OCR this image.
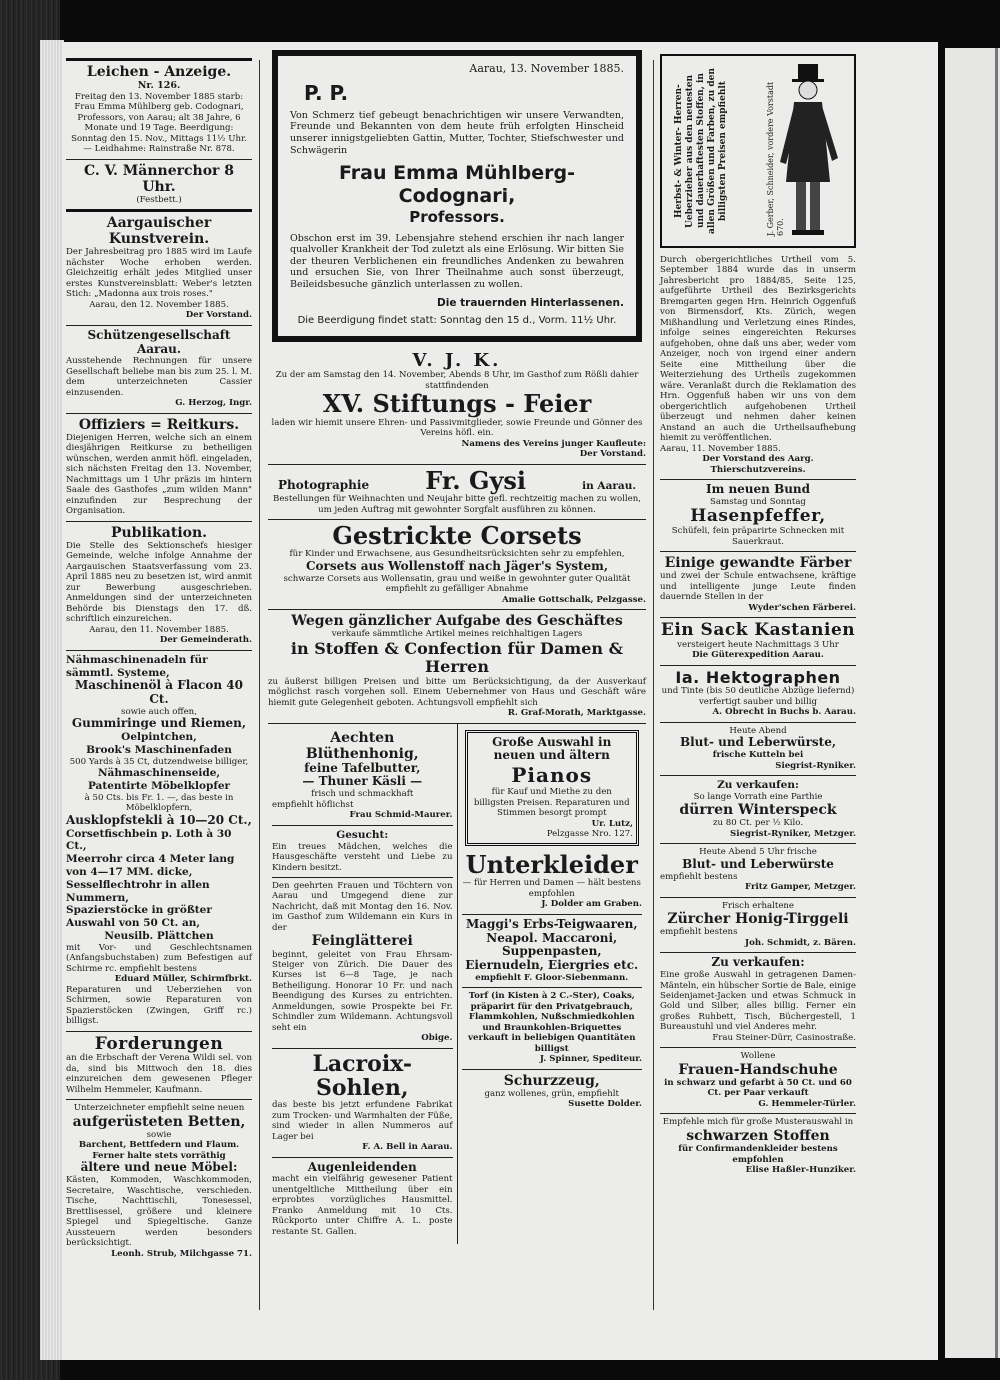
Leichen - Anzeige.
Nr. 126.
Freitag den 13. November 1885 starb: Frau Emma Mühlberg geb. Codognari, Professors, von Aarau; alt 38 Jahre, 6 Monate und 19 Tage. Beerdigung: Sonntag den 15. Nov., Mittags 11½ Uhr. — Leidhahme: Rainstraße Nr. 878.
C. V. Männerchor 8 Uhr.
(Festbett.)
Aargauischer Kunstverein.
Der Jahresbeitrag pro 1885 wird im Laufe nächster Woche erhoben werden. Gleichzeitig erhält jedes Mitglied unser erstes Kunstvereinsblatt: Weber's letzten Stich: „Madonna aux trois roses."
Aarau, den 12. November 1885.
Der Vorstand.
Schützengesellschaft Aarau.
Ausstehende Rechnungen für unsere Gesellschaft beliebe man bis zum 25. l. M. dem unterzeichneten Cassier einzusenden.
G. Herzog, Ingr.
Offiziers = Reitkurs.
Diejenigen Herren, welche sich an einem diesjährigen Reitkurse zu betheiligen wünschen, werden anmit höfl. eingeladen, sich nächsten Freitag den 13. November, Nachmittags um 1 Uhr präzis im hintern Saale des Gasthofes „zum wilden Mann" einzufinden zur Besprechung der Organisation.
Publikation.
Die Stelle des Sektionschefs hiesiger Gemeinde, welche infolge Annahme der Aargauischen Staatsverfassung vom 23. April 1885 neu zu besetzen ist, wird anmit zur Bewerbung ausgeschrieben. Anmeldungen sind der unterzeichneten Behörde bis Dienstags den 17. dß. schriftlich einzureichen.
Aarau, den 11. November 1885.
Der Gemeinderath.
Nähmaschinenadeln für sämmtl. Systeme,
Maschinenöl à Flacon 40 Ct.
sowie auch offen,
Gummiringe und Riemen,
Oelpintchen,
Brook's Maschinenfaden
500 Yards à 35 Ct, dutzendweise billiger,
Nähmaschinenseide,
Patentirte Möbelklopfer
à 50 Cts. bis Fr. 1. —, das beste in Möbelklopfern,
Ausklopfstekli à 10—20 Ct.,
Corsetfischbein p. Loth à 30 Ct.,
Meerrohr circa 4 Meter lang von 4—17 MM. dicke,
Sesselflechtrohr in allen Nummern,
Spazierstöcke in größter Auswahl von 50 Ct. an,
Neusilb. Plättchen
mit Vor- und Geschlechtsnamen (Anfangsbuchstaben) zum Befestigen auf Schirme rc. empfiehlt bestens
Eduard Müller, Schirmfbrkt.
Reparaturen und Ueberziehen von Schirmen, sowie Reparaturen von Spazierstöcken (Zwingen, Griff rc.) billigst.
Forderungen
an die Erbschaft der Verena Wildi sel. von da, sind bis Mittwoch den 18. dies einzureichen dem gewesenen Pfleger Wilhelm Hemmeler, Kaufmann.
Unterzeichneter empfiehlt seine neuen
aufgerüsteten Betten,
sowie
Barchent, Bettfedern und Flaum. Ferner halte stets vorräthig
ältere und neue Möbel:
Kästen, Kommoden, Waschkommoden, Secretaire, Waschtische, verschieden. Tische, Nachttischli, Tonesessel, Brettlisessel, größere und kleinere Spiegel und Spiegeltische. Ganze Aussteuern werden besonders berücksichtigt.
Leonh. Strub, Milchgasse 71.
Aarau, 13. November 1885.
P. P.
Von Schmerz tief gebeugt benachrichtigen wir unsere Verwandten, Freunde und Bekannten von dem heute früh erfolgten Hinscheid unserer innigstgeliebten Gattin, Mutter, Tochter, Stiefschwester und Schwägerin
Frau Emma Mühlberg-Codognari,
Professors.
Obschon erst im 39. Lebensjahre stehend erschien ihr nach langer qualvoller Krankheit der Tod zuletzt als eine Erlösung. Wir bitten Sie der theuren Verblichenen ein freundliches Andenken zu bewahren und ersuchen Sie, von Ihrer Theilnahme auch sonst überzeugt, Beileidsbesuche gänzlich unterlassen zu wollen.
Die trauernden Hinterlassenen.
Die Beerdigung findet statt: Sonntag den 15 d., Vorm. 11½ Uhr.
V. J. K.
Zu der am Samstag den 14. November, Abends 8 Uhr, im Gasthof zum Rößli dahier stattfindenden
XV. Stiftungs - Feier
laden wir hiemit unsere Ehren- und Passivmitglieder, sowie Freunde und Gönner des Vereins höfl. ein.
Namens des Vereins junger Kaufleute:
Der Vorstand.
Photographie Fr. Gysi	in Aarau.
Bestellungen für Weihnachten und Neujahr bitte gefl. rechtzeitig machen zu wollen, um jeden Auftrag mit gewohnter Sorgfalt ausführen zu können.
Gestrickte Corsets
für Kinder und Erwachsene, aus Gesundheitsrücksichten sehr zu empfehlen,
Corsets aus Wollenstoff nach Jäger's System,
schwarze Corsets aus Wollensatin, grau und weiße in gewohnter guter Qualität empfiehlt zu gefälliger Abnahme
Amalie Gottschalk, Pelzgasse.
Wegen gänzlicher Aufgabe des Geschäftes
verkaufe sämmtliche Artikel meines reichhaltigen Lagers
in Stoffen & Confection für Damen & Herren
zu äußerst billigen Preisen und bitte um Berücksichtigung, da der Ausverkauf möglichst rasch vorgehen soll. Einem Uebernehmer von Haus und Geschäft wäre hiemit gute Gelegenheit geboten. Achtungsvoll empfiehlt sich
R. Graf-Morath, Marktgasse.
Aechten Blüthenhonig,
feine Tafelbutter,
— Thuner Käsli —
frisch und schmackhaft
empfiehlt höflichst
Frau Schmid-Maurer.
Gesucht:
Ein treues Mädchen, welches die Hausgeschäfte versteht und Liebe zu Kindern besitzt.
Den geehrten Frauen und Töchtern von Aarau und Umgegend diene zur Nachricht, daß mit Montag den 16. Nov. im Gasthof zum Wildemann ein Kurs in der
Feinglätterei
beginnt, geleitet von Frau Ehrsam-Steiger von Zürich. Die Dauer des Kurses ist 6—8 Tage, je nach Betheiligung. Honorar 10 Fr. und nach Beendigung des Kurses zu entrichten. Anmeldungen, sowie Prospekte bei Fr. Schindler zum Wildemann. Achtungsvoll seht ein
Obige.
Lacroix-Sohlen,
das beste bis jetzt erfundene Fabrikat zum Trocken- und Warmhalten der Füße, sind wieder in allen Nummeros auf Lager bei
F. A. Bell in Aarau.
Augenleidenden
macht ein vielfährig gewesener Patient unentgeltliche Mittheilung über ein erprobtes vorzügliches Hausmittel. Franko Anmeldung mit 10 Cts. Rückporto unter Chiffre A. L. poste restante St. Gallen.
Große Auswahl in neuen und ältern
Pianos
für Kauf und Miethe zu den billigsten Preisen. Reparaturen und Stimmen besorgt prompt
Ur. Lutz,
Pelzgasse Nro. 127.
Unterkleider
— für Herren und Damen — hält bestens empfohlen
J. Dolder am Graben.
Maggi's Erbs-Teigwaaren,
Neapol. Maccaroni,
Suppenpasten,
Eiernudeln, Eiergries etc.
empfiehlt F. Gloor-Siebenmann.
Torf (in Kisten à 2 C.-Ster), Coaks, präparirt für den Privatgebrauch, Flammkohlen, Nußschmiedkohlen und Braunkohlen-Briquettes verkauft in beliebigen Quantitäten billigst
J. Spinner, Spediteur.
Schurzzeug,
ganz wollenes, grün, empfiehlt
Susette Dolder.
Herbst- & Winter- Herren-Ueberzieher aus den neuesten und dauerhaftesten Stoffen, in allen Größen und Farben, zu den billigsten Preisen empfiehlt	J. Gerber, Schneider, vordere Vorstadt 670.
Durch obergerichtliches Urtheil vom 5. September 1884 wurde das in unserm Jahresbericht pro 1884/85, Seite 125, aufgeführte Urtheil des Bezirksgerichts Bremgarten gegen Hrn. Heinrich Oggenfuß von Birmensdorf, Kts. Zürich, wegen Mißhandlung und Verletzung eines Rindes, infolge seines eingereichten Rekurses aufgehoben, ohne daß uns aber, weder vom Anzeiger, noch von irgend einer andern Seite eine Mittheilung über die Weiterziehung des Urtheils zugekommen wäre. Veranlaßt durch die Reklamation des Hrn. Oggenfuß haben wir uns von dem obergerichtlich aufgehobenen Urtheil überzeugt und nehmen daher keinen Anstand an auch die Urtheilsaufhebung hiemit zu veröffentlichen.
Aarau, 11. November 1885.
Der Vorstand des Aarg. Thierschutzvereins.
Im neuen Bund
Samstag und Sonntag
Hasenpfeffer,
Schüfeli, fein präparirte Schnecken mit Sauerkraut.
Einige gewandte Färber
und zwei der Schule entwachsene, kräftige und intelligente junge Leute finden dauernde Stellen in der
Wyder'schen Färberei.
Ein Sack Kastanien
versteigert heute Nachmittags 3 Uhr
Die Güterexpedition Aarau.
Ia. Hektographen
und Tinte (bis 50 deutliche Abzüge liefernd) verfertigt sauber und billig
A. Obrecht in Buchs b. Aarau.
Heute Abend
Blut- und Leberwürste,
frische Kutteln bei
Siegrist-Ryniker.
Zu verkaufen:
So lange Vorrath eine Parthie
dürren Winterspeck
zu 80 Ct. per ½ Kilo.
Siegrist-Ryniker, Metzger.
Heute Abend 5 Uhr frische
Blut- und Leberwürste
empfiehlt bestens
Fritz Gamper, Metzger.
Frisch erhaltene
Zürcher Honig-Tirggeli
empfiehlt bestens
Joh. Schmidt, z. Bären.
Zu verkaufen:
Eine große Auswahl in getragenen Damen-Mänteln, ein hübscher Sortie de Bale, einige Seidenjamet-Jacken und etwas Schmuck in Gold und Silber, alles billig. Ferner ein großes Ruhbett, Tisch, Büchergestell, 1 Bureaustuhl und viel Anderes mehr.
Frau Steiner-Dürr, Casinostraße.
Wollene
Frauen-Handschuhe
in schwarz und gefarbt à 50 Ct. und 60 Ct. per Paar verkauft
G. Hemmeler-Türler.
Empfehle mich für große Musterauswahl in
schwarzen Stoffen
für Confirmandenkleider bestens empfohlen
Elise Haßler-Hunziker.
